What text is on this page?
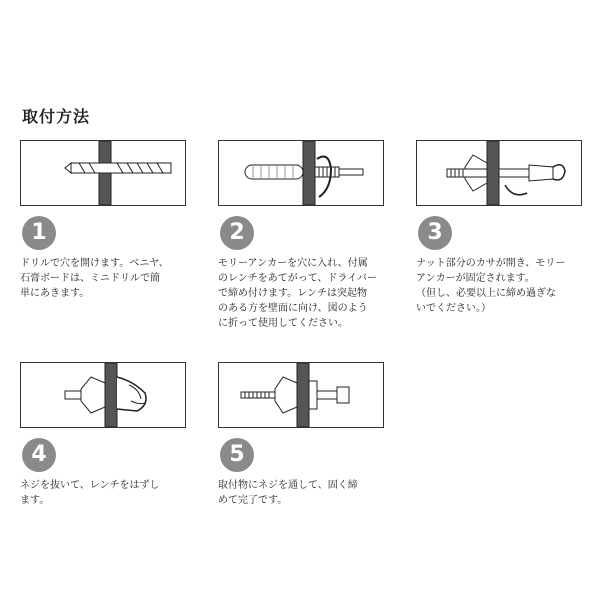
取付方法
1
ドリルで穴を開けます。ベニヤ、
石膏ボードは、ミニドリルで簡
単にあきます。
2
モリーアンカーを穴に入れ、付属
のレンチをあてがって、ドライバー
で締め付けます。レンチは突起物
のある方を壁面に向け、図のよう
に折って使用してください。
3
ナット部分のカサが開き、モリー
アンカーが固定されます。
（但し、必要以上に締め過ぎな
いでください。）
4
ネジを抜いて、レンチをはずし
ます。
5
取付物にネジを通して、固く締
めて完了です。
